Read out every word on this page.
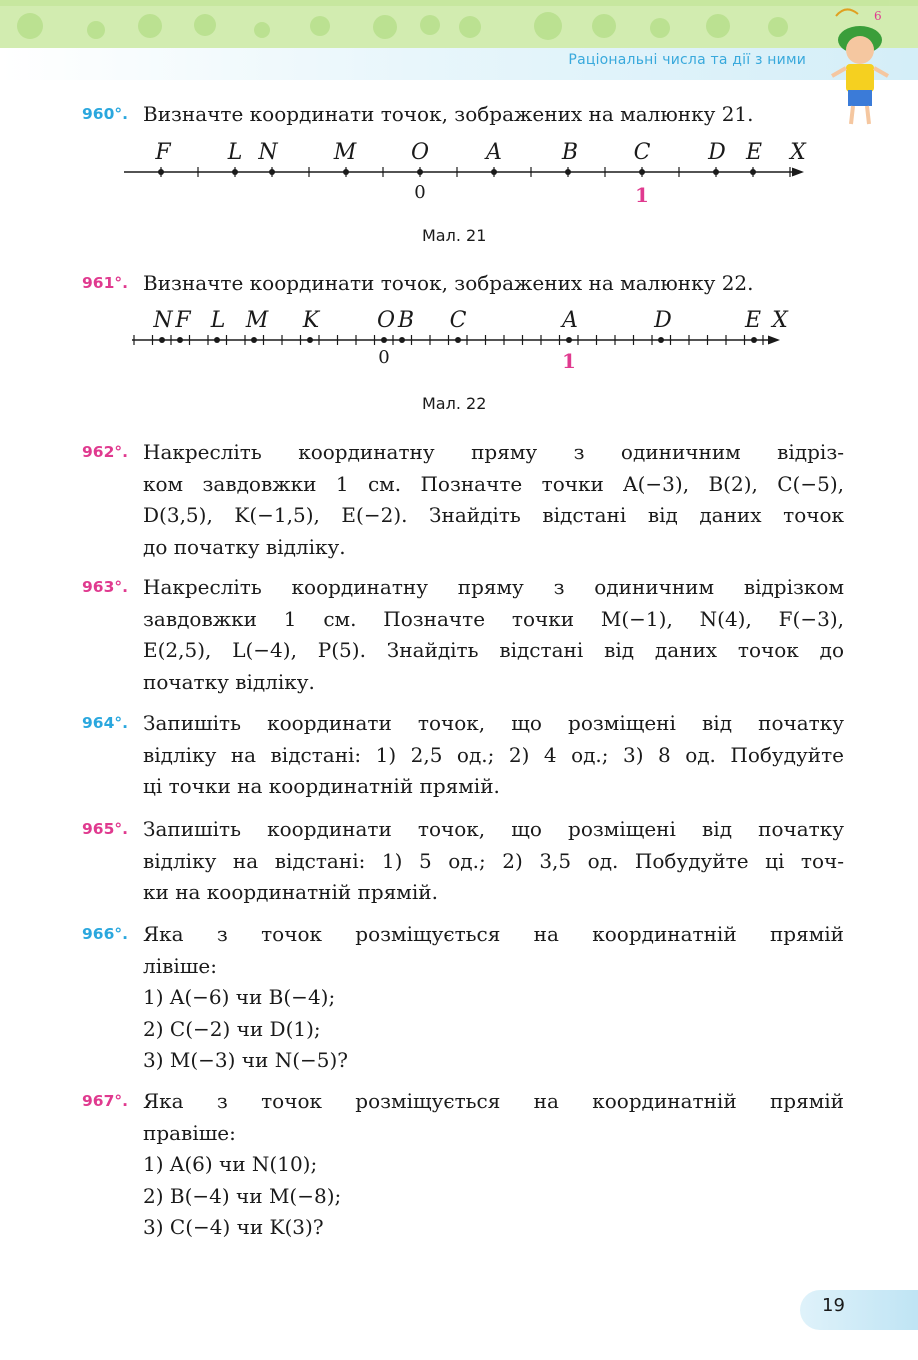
Раціональні числа та дії з ними
6
960°. Визначте координати точок, зображених на малюнку 21.
F	L N	M O	A	B	C	D E X
0	1
Мал. 21
961°. Визначте координати точок, зображених на малюнку 22.
N F L M K	O B C	A	D	E X
0	1
Мал. 22
962°. Накресліть координатну пряму з одиничним відріз-
ком завдовжки 1 см. Позначте точки A(−3), B(2), C(−5),
D(3,5), K(−1,5), E(−2). Знайдіть відстані від даних точок
до початку відліку.
963°. Накресліть координатну пряму з одиничним відрізком
завдовжки 1 см. Позначте точки M(−1), N(4), F(−3),
E(2,5), L(−4), P(5). Знайдіть відстані від даних точок до
початку відліку.
964°. Запишіть координати точок, що розміщені від початку
відліку на відстані: 1) 2,5 од.; 2) 4 од.; 3) 8 од. Побудуйте
ці точки на координатній прямій.
965°. Запишіть координати точок, що розміщені від початку
відліку на відстані: 1) 5 од.; 2) 3,5 од. Побудуйте ці точ-
ки на координатній прямій.
966°. Яка з точок розміщується на координатній прямій
лівіше:
1) A(−6) чи B(−4);
2) C(−2) чи D(1);
3) M(−3) чи N(−5)?
967°. Яка з точок розміщується на координатній прямій
правіше:
1) A(6) чи N(10);
2) B(−4) чи M(−8);
3) C(−4) чи K(3)?
19
